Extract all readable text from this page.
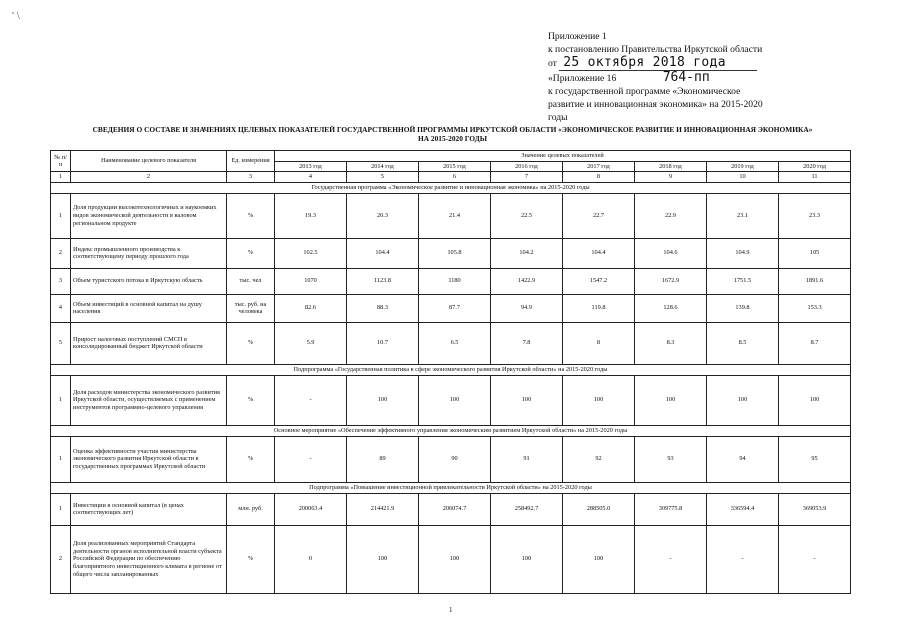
' \
Приложение 1
к постановлению Правительства Иркутской области
от 25 октября 2018 года
«Приложение 16	764-пп
к государственной программе «Экономическое
развитие и инновационная экономика» на 2015-2020
годы
СВЕДЕНИЯ О СОСТАВЕ И ЗНАЧЕНИЯХ ЦЕЛЕВЫХ ПОКАЗАТЕЛЕЙ ГОСУДАРСТВЕННОЙ ПРОГРАММЫ ИРКУТСКОЙ ОБЛАСТИ «ЭКОНОМИЧЕСКОЕ РАЗВИТИЕ И ИННОВАЦИОННАЯ ЭКОНОМИКА»
НА 2015-2020 ГОДЫ
№ п/п	Наименование целевого показателя	Ед. измерения	Значение целевых показателей							
			2013 год	2014 год	2015 год	2016 год	2017 год	2018 год	2019 год	2020 год
1	2	3	4	5	6	7	8	9	10	11
Государственная программа «Экономическое развитие и инновационная экономика» на 2015-2020 годы										
1	Доля продукции высокотехнологичных и наукоемких видов экономической деятельности в валовом региональном продукте	%	19.3	20.3	21.4	22.5	22.7	22.9	23.1	23.3
2	Индекс промышленного производства к соответствующему периоду прошлого года	%	102.5	104.4	105.8	104.2	104.4	104.6	104.9	105
3	Объем туристского потока в Иркутскую область	тыс. чел	1070	1123.8	1180	1422.9	1547.2	1672.9	1751.5	1891.6
4	Объем инвестиций в основной капитал на душу населения	тыс. руб. на человека	82.6	88.3	87.7	94.9	119.8	128.6	139.8	153.3
5	Прирост налоговых поступлений СМСП в консолидированный бюджет Иркутской области	%	5.9	10.7	6.5	7.8	8	8.3	8.5	8.7
Подпрограмма «Государственная политика в сфере экономического развития Иркутской области» на 2015-2020 годы										
1	Доля расходов министерства экономического развития Иркутской области, осуществляемых с применением инструментов программно-целевого управления	%	-	100	100	100	100	100	100	100
Основное мероприятие «Обеспечение эффективного управления экономическим развитием Иркутской области» на 2015-2020 годы										
1	Оценка эффективности участия министерства экономического развития Иркутской области в государственных программах Иркутской области	%	-	89	90	91	92	93	94	95
Подпрограмма «Повышение инвестиционной привлекательности Иркутской области» на 2015-2020 годы										
1	Инвестиции в основной капитал (в ценах соответствующих лет)	млн. руб.	200063.4	214421.9	206074.7	258492.7	288505.0	309775.8	336594.4	369053.9
2	Доля реализованных мероприятий Стандарта деятельности органов исполнительной власти субъекта Российской Федерации по обеспечению благоприятного инвестиционного климата в регионе от общего числа запланированных	%	0	100	100	100	100	-	-	-
1
